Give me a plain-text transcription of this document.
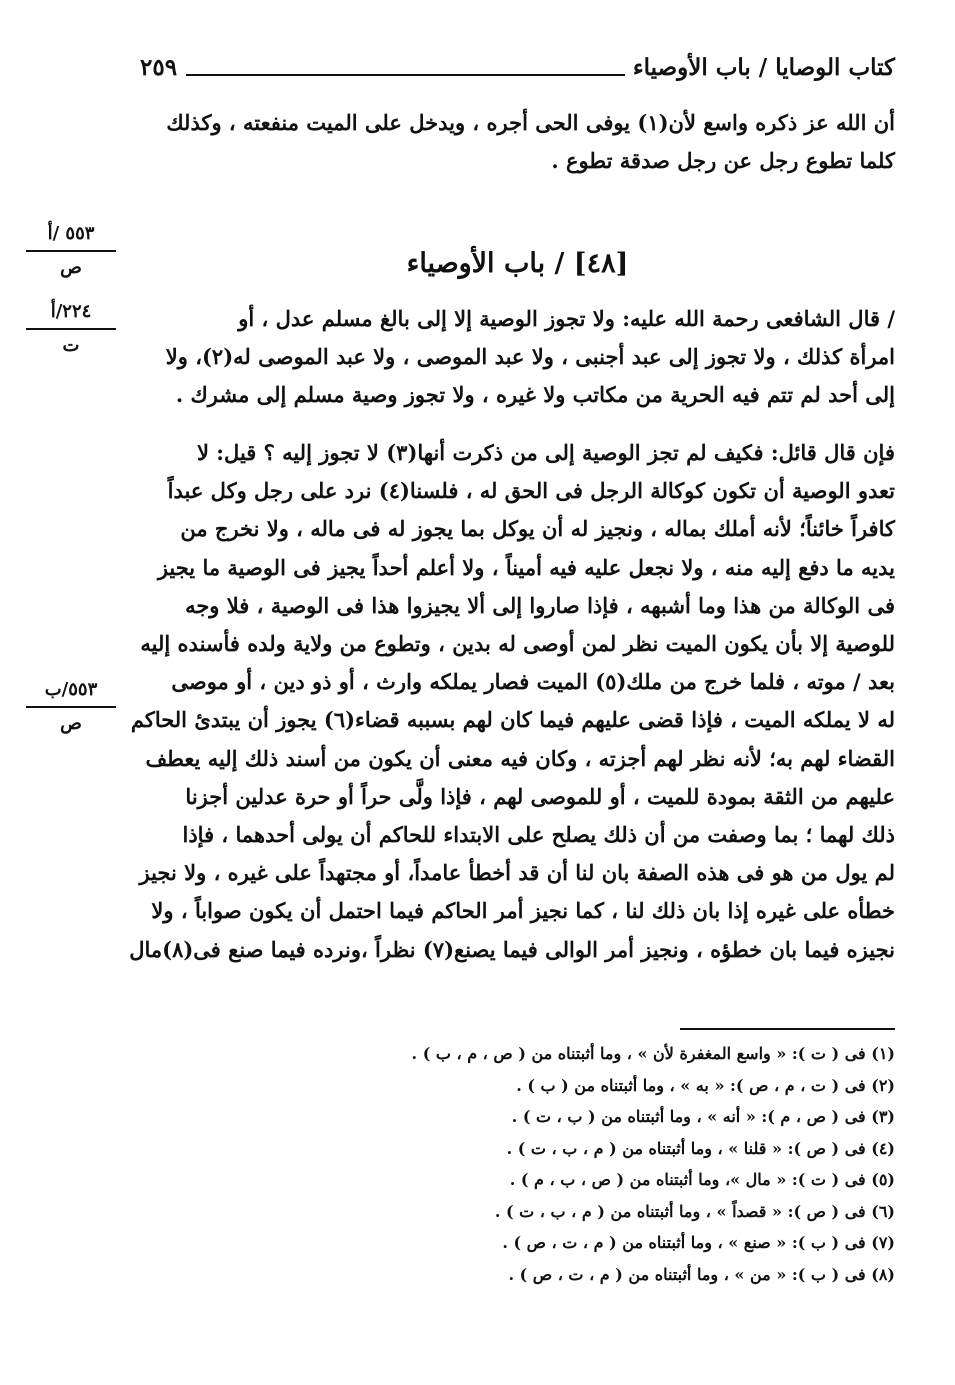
كتاب الوصايا / باب الأوصياء
٢٥٩
أن الله عز ذكره واسع لأن(١) يوفى الحى أجره ، ويدخل على الميت منفعته ، وكذلك
كلما تطوع رجل عن رجل صدقة تطوع .
[٤٨] / باب الأوصياء
/ قال الشافعى رحمة الله عليه: ولا تجوز الوصية إلا إلى بالغ مسلم عدل ، أو
امرأة كذلك ، ولا تجوز إلى عبد أجنبى ، ولا عبد الموصى ، ولا عبد الموصى له(٢)، ولا
إلى أحد لم تتم فيه الحرية من مكاتب ولا غيره ، ولا تجوز وصية مسلم إلى مشرك .
فإن قال قائل: فكيف لم تجز الوصية إلى من ذكرت أنها(٣) لا تجوز إليه ؟ قيل: لا
تعدو الوصية أن تكون كوكالة الرجل فى الحق له ، فلسنا(٤) نرد على رجل وكل عبداً
كافراً خائناً؛ لأنه أملك بماله ، ونجيز له أن يوكل بما يجوز له فى ماله ، ولا نخرج من
يديه ما دفع إليه منه ، ولا نجعل عليه فيه أميناً ، ولا أعلم أحداً يجيز فى الوصية ما يجيز
فى الوكالة من هذا وما أشبهه ، فإذا صاروا إلى ألا يجيزوا هذا فى الوصية ، فلا وجه
للوصية إلا بأن يكون الميت نظر لمن أوصى له بدين ، وتطوع من ولاية ولده فأسنده إليه
بعد / موته ، فلما خرج من ملك(٥) الميت فصار يملكه وارث ، أو ذو دين ، أو موصى
له لا يملكه الميت ، فإذا قضى عليهم فيما كان لهم بسببه قضاء(٦) يجوز أن يبتدئ الحاكم
القضاء لهم به؛ لأنه نظر لهم أجزته ، وكان فيه معنى أن يكون من أسند ذلك إليه يعطف
عليهم من الثقة بمودة للميت ، أو للموصى لهم ، فإذا ولَّى حراً أو حرة عدلين أجزنا
ذلك لهما ؛ بما وصفت من أن ذلك يصلح على الابتداء للحاكم أن يولى أحدهما ، فإذا
لم يول من هو فى هذه الصفة بان لنا أن قد أخطأ عامداً، أو مجتهداً على غيره ، ولا نجيز
خطأه على غيره إذا بان ذلك لنا ، كما نجيز أمر الحاكم فيما احتمل أن يكون صواباً ، ولا
نجيزه فيما بان خطؤه ، ونجيز أمر الوالى فيما يصنع(٧) نظراً ،ونرده فيما صنع فى(٨)مال
٥٥٣ /أ
ص
٢٢٤/أ
ت
٥٥٣/ب
ص
(١) فى ( ت ): « واسع المغفرة لأن » ، وما أثبتناه من ( ص ، م ، ب ) .
(٢) فى ( ت ، م ، ص ): « به » ، وما أثبتناه من ( ب ) .
(٣) فى ( ص ، م ): « أنه » ، وما أثبتناه من ( ب ، ت ) .
(٤) فى ( ص ): « قلنا » ، وما أثبتناه من ( م ، ب ، ت ) .
(٥) فى ( ت ): « مال »، وما أثبتناه من ( ص ، ب ، م ) .
(٦) فى ( ص ): « قصداً » ، وما أثبتناه من ( م ، ب ، ت ) .
(٧) فى ( ب ): « صنع » ، وما أثبتناه من ( م ، ت ، ص ) .
(٨) فى ( ب ): « من » ، وما أثبتناه من ( م ، ت ، ص ) .
